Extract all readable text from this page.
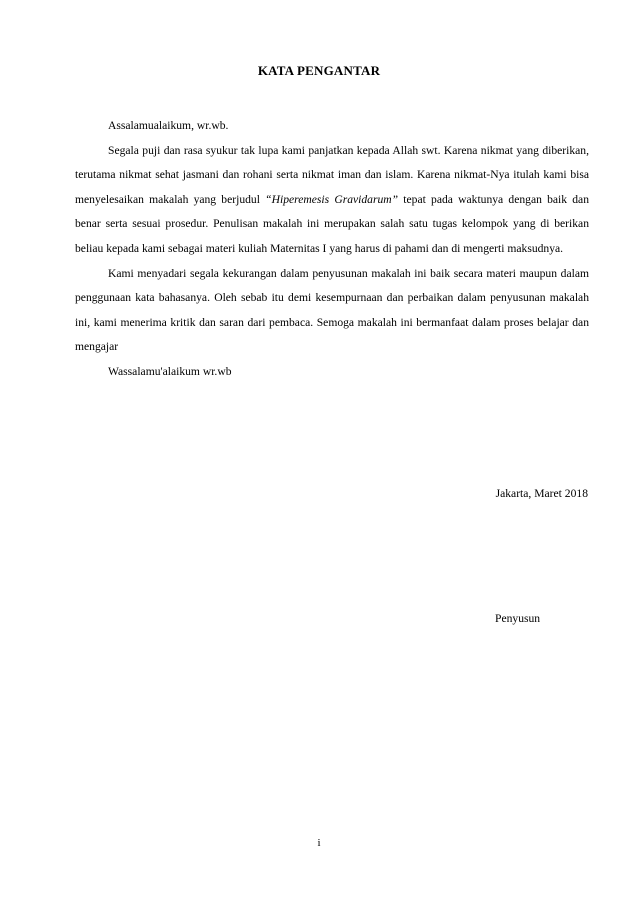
KATA PENGANTAR

Assalamualaikum, wr.wb.

Segala puji dan rasa syukur tak lupa kami panjatkan kepada Allah swt. Karena nikmat yang diberikan, terutama nikmat sehat jasmani dan rohani serta nikmat iman dan islam. Karena nikmat-Nya itulah kami bisa menyelesaikan makalah yang berjudul “Hiperemesis Gravidarum” tepat pada waktunya dengan baik dan benar serta sesuai prosedur. Penulisan makalah ini merupakan salah satu tugas kelompok yang di berikan beliau kepada kami sebagai materi kuliah Maternitas I yang harus di pahami dan di mengerti maksudnya.

Kami menyadari segala kekurangan dalam penyusunan makalah ini baik secara materi maupun dalam penggunaan kata bahasanya. Oleh sebab itu demi kesempurnaan dan perbaikan dalam penyusunan makalah ini, kami menerima kritik dan saran dari pembaca. Semoga makalah ini bermanfaat dalam proses belajar dan mengajar

Wassalamu'alaikum wr.wb

Jakarta, Maret 2018
Penyusun
i
